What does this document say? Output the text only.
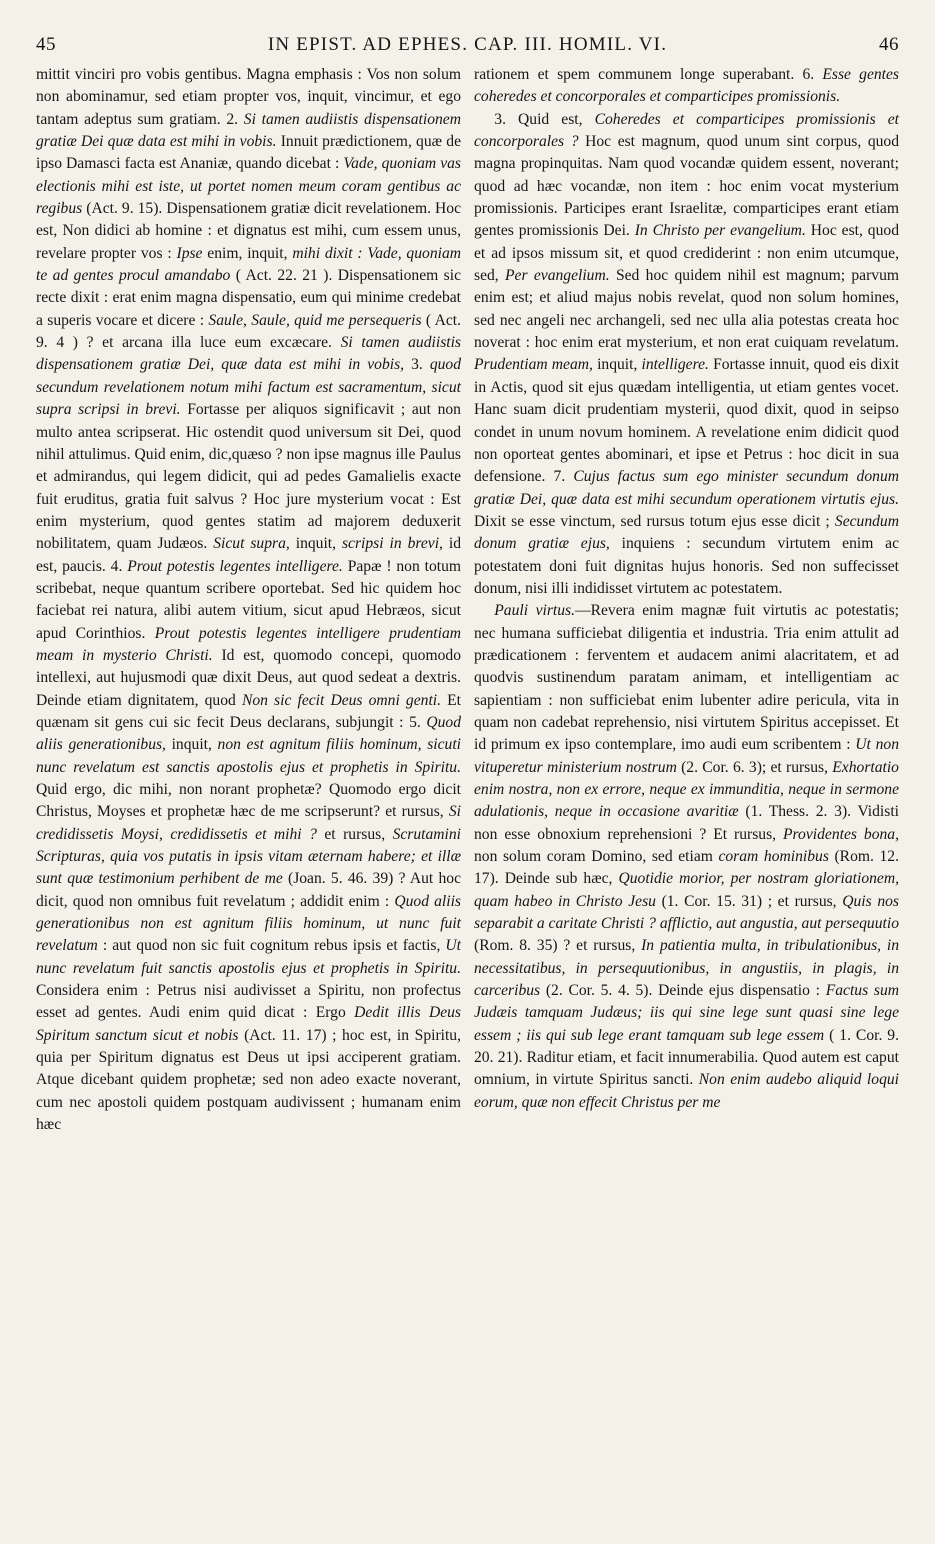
45	IN EPIST. AD EPHES. CAP. III. HOMIL. VI.	46

mittit vinciri pro vobis gentibus. Magna emphasis : Vos non solum non abominamur, sed etiam propter vos, inquit, vincimur, et ego tantam adeptus sum gratiam. 2. Si tamen audiistis dispensationem gratiæ Dei quæ data est mihi in vobis. Innuit prædictionem, quæ de ipso Damasci facta est Ananiæ, quando dicebat : Vade, quoniam vas electionis mihi est iste, ut portet nomen meum coram gentibus ac regibus (Act. 9. 15). Dispensationem gratiæ dicit revelationem. Hoc est, Non didici ab homine : et dignatus est mihi, cum essem unus, revelare propter vos : Ipse enim, inquit, mihi dixit : Vade, quoniam te ad gentes procul amandabo ( Act. 22. 21 ). Dispensationem sic recte dixit : erat enim magna dispensatio, eum qui minime credebat a superis vocare et dicere : Saule, Saule, quid me persequeris ( Act. 9. 4 ) ? et arcana illa luce eum excæcare. Si tamen audiistis dispensationem gratiæ Dei, quæ data est mihi in vobis, 3. quod secundum revelationem notum mihi factum est sacramentum, sicut supra scripsi in brevi. Fortasse per aliquos significavit ; aut non multo antea scripserat. Hic ostendit quod universum sit Dei, quod nihil attulimus. Quid enim, dic,quæso ? non ipse magnus ille Paulus et admirandus, qui legem didicit, qui ad pedes Gamalielis exacte fuit eruditus, gratia fuit salvus ? Hoc jure mysterium vocat : Est enim mysterium, quod gentes statim ad majorem deduxerit nobilitatem, quam Judæos. Sicut supra, inquit, scripsi in brevi, id est, paucis. 4. Prout potestis legentes intelligere. Papæ ! non totum scribebat, neque quantum scribere oportebat. Sed hic quidem hoc faciebat rei natura, alibi autem vitium, sicut apud Hebræos, sicut apud Corinthios. Prout potestis legentes intelligere prudentiam meam in mysterio Christi. Id est, quomodo concepi, quomodo intellexi, aut hujusmodi quæ dixit Deus, aut quod sedeat a dextris. Deinde etiam dignitatem, quod Non sic fecit Deus omni genti. Et quænam sit gens cui sic fecit Deus declarans, subjungit : 5. Quod aliis generationibus, inquit, non est agnitum filiis hominum, sicuti nunc revelatum est sanctis apostolis ejus et prophetis in Spiritu. Quid ergo, dic mihi, non norant prophetæ? Quomodo ergo dicit Christus, Moyses et prophetæ hæc de me scripserunt? et rursus, Si credidissetis Moysi, credidissetis et mihi ? et rursus, Scrutamini Scripturas, quia vos putatis in ipsis vitam æternam habere; et illæ sunt quæ testimonium perhibent de me (Joan. 5. 46. 39) ? Aut hoc dicit, quod non omnibus fuit revelatum ; addidit enim : Quod aliis generationibus non est agnitum filiis hominum, ut nunc fuit revelatum : aut quod non sic fuit cognitum rebus ipsis et factis, Ut nunc revelatum fuit sanctis apostolis ejus et prophetis in Spiritu. Considera enim : Petrus nisi audivisset a Spiritu, non profectus esset ad gentes. Audi enim quid dicat : Ergo Dedit illis Deus Spiritum sanctum sicut et nobis (Act. 11. 17) ; hoc est, in Spiritu, quia per Spiritum dignatus est Deus ut ipsi acciperent gratiam. Atque dicebant quidem prophetæ; sed non adeo exacte noverant, cum nec apostoli quidem postquam audivissent ; humanam enim hæc

rationem et spem communem longe superabant. 6. Esse gentes coheredes et concorporales et comparticipes promissionis.

3. Quid est, Coheredes et comparticipes promissionis et concorporales ? Hoc est magnum, quod unum sint corpus, quod magna propinquitas. Nam quod vocandæ quidem essent, noverant; quod ad hæc vocandæ, non item : hoc enim vocat mysterium promissionis. Participes erant Israelitæ, comparticipes erant etiam gentes promissionis Dei. In Christo per evangelium. Hoc est, quod et ad ipsos missum sit, et quod crediderint : non enim utcumque, sed, Per evangelium. Sed hoc quidem nihil est magnum; parvum enim est; et aliud majus nobis revelat, quod non solum homines, sed nec angeli nec archangeli, sed nec ulla alia potestas creata hoc noverat : hoc enim erat mysterium, et non erat cuiquam revelatum. Prudentiam meam, inquit, intelligere. Fortasse innuit, quod eis dixit in Actis, quod sit ejus quædam intelligentia, ut etiam gentes vocet. Hanc suam dicit prudentiam mysterii, quod dixit, quod in seipso condet in unum novum hominem. A revelatione enim didicit quod non oporteat gentes abominari, et ipse et Petrus : hoc dicit in sua defensione. 7. Cujus factus sum ego minister secundum donum gratiæ Dei, quæ data est mihi secundum operationem virtutis ejus. Dixit se esse vinctum, sed rursus totum ejus esse dicit ; Secundum donum gratiæ ejus, inquiens : secundum virtutem enim ac potestatem doni fuit dignitas hujus honoris. Sed non suffecisset donum, nisi illi indidisset virtutem ac potestatem.

Pauli virtus.—Revera enim magnæ fuit virtutis ac potestatis; nec humana sufficiebat diligentia et industria. Tria enim attulit ad prædicationem : ferventem et audacem animi alacritatem, et ad quodvis sustinendum paratam animam, et intelligentiam ac sapientiam : non sufficiebat enim lubenter adire pericula, vita in quam non cadebat reprehensio, nisi virtutem Spiritus accepisset. Et id primum ex ipso contemplare, imo audi eum scribentem : Ut non vituperetur ministerium nostrum (2. Cor. 6. 3); et rursus, Exhortatio enim nostra, non ex errore, neque ex immunditia, neque in sermone adulationis, neque in occasione avaritiæ (1. Thess. 2. 3). Vidisti non esse obnoxium reprehensioni ? Et rursus, Providentes bona, non solum coram Domino, sed etiam coram hominibus (Rom. 12. 17). Deinde sub hæc, Quotidie morior, per nostram gloriationem, quam habeo in Christo Jesu (1. Cor. 15. 31) ; et rursus, Quis nos separabit a caritate Christi ? afflictio, aut angustia, aut persequutio (Rom. 8. 35) ? et rursus, In patientia multa, in tribulationibus, in necessitatibus, in persequutionibus, in angustiis, in plagis, in carceribus (2. Cor. 5. 4. 5). Deinde ejus dispensatio : Factus sum Judæis tamquam Judæus; iis qui sine lege sunt quasi sine lege essem ; iis qui sub lege erant tamquam sub lege essem ( 1. Cor. 9. 20. 21). Raditur etiam, et facit innumerabilia. Quod autem est caput omnium, in virtute Spiritus sancti. Non enim audebo aliquid loqui eorum, quæ non effecit Christus per me
